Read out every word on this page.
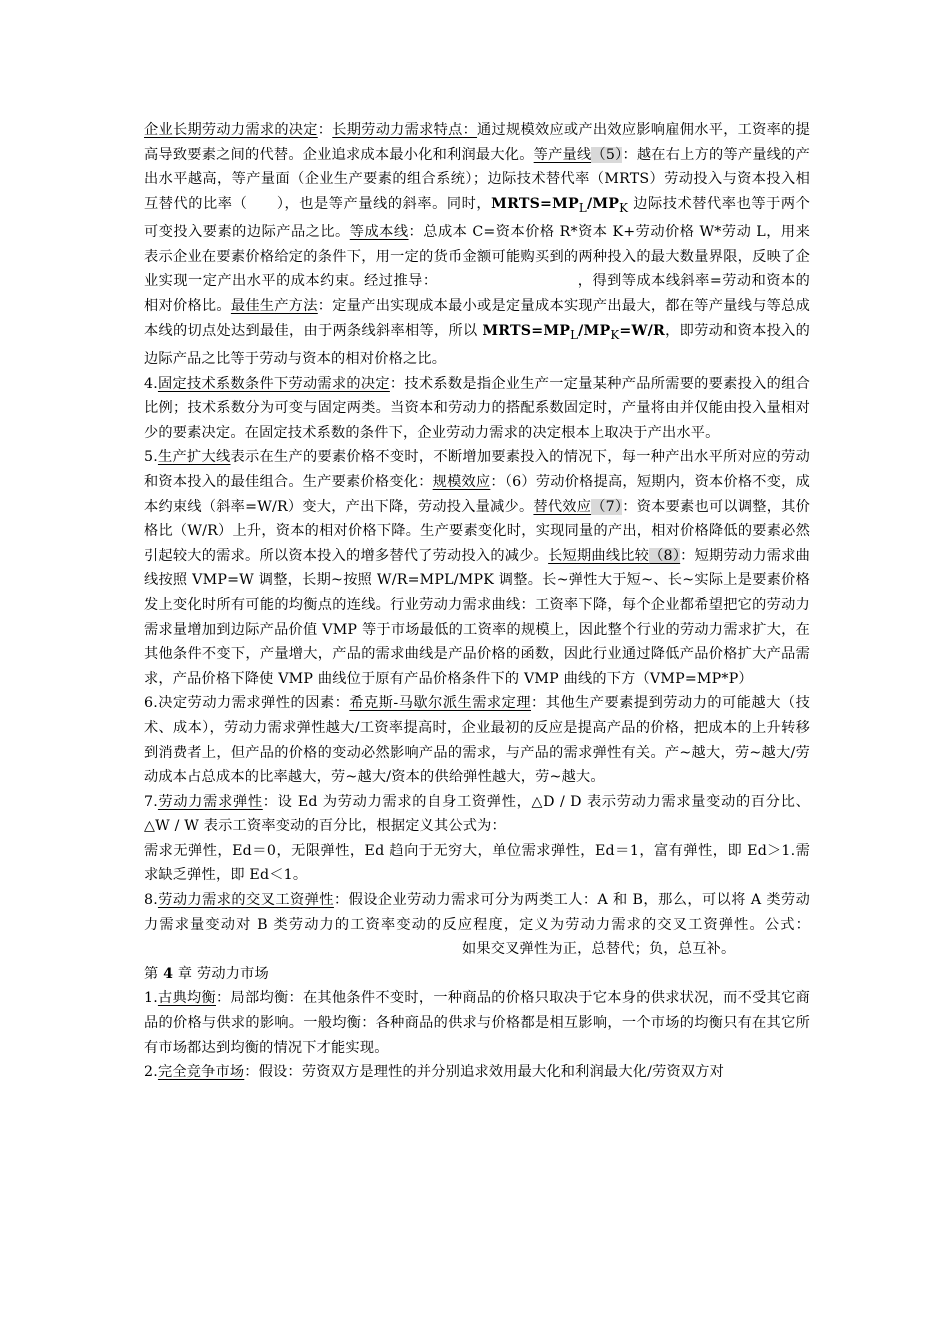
企业长期劳动力需求的决定：长期劳动力需求特点：通过规模效应或产出效应影响雇佣水平，工资率的提高导致要素之间的代替。企业追求成本最小化和利润最大化。等产量线（5）：越在右上方的等产量线的产出水平越高，等产量面（企业生产要素的组合系统）；边际技术替代率（MRTS）劳动投入与资本投入相互替代的比率（　　），也是等产量线的斜率。同时，$MRTS=MP_L/MP_K$ 边际技术替代率也等于两个可变投入要素的边际产品之比。等成本线：总成本 C=资本价格 R*资本 K+劳动价格 W*劳动 L，用来表示企业在要素价格给定的条件下，用一定的货币金额可能购买到的两种投入的最大数量界限，反映了企业实现一定产出水平的成本约束。经过推导：	，得到等成本线斜率=劳动和资本的相对价格比。最佳生产方法：定量产出实现成本最小或是定量成本实现产出最大，都在等产量线与等总成本线的切点处达到最佳，由于两条线斜率相等，所以 $MRTS=MP_L/MP_K=W/R$，即劳动和资本投入的边际产品之比等于劳动与资本的相对价格之比。

4.固定技术系数条件下劳动需求的决定：技术系数是指企业生产一定量某种产品所需要的要素投入的组合比例；技术系数分为可变与固定两类。当资本和劳动力的搭配系数固定时，产量将由并仅能由投入量相对少的要素决定。在固定技术系数的条件下，企业劳动力需求的决定根本上取决于产出水平。

5.生产扩大线表示在生产的要素价格不变时，不断增加要素投入的情况下，每一种产出水平所对应的劳动和资本投入的最佳组合。生产要素价格变化：规模效应：（6）劳动价格提高，短期内，资本价格不变，成本约束线（斜率=W/R）变大，产出下降，劳动投入量减少。替代效应（7）：资本要素也可以调整，其价格比（W/R）上升，资本的相对价格下降。生产要素变化时，实现同量的产出，相对价格降低的要素必然引起较大的需求。所以资本投入的增多替代了劳动投入的减少。长短期曲线比较（8）：短期劳动力需求曲线按照 VMP=W 调整，长期~按照 W/R=MPL/MPK 调整。长~弹性大于短~、长~实际上是要素价格发上变化时所有可能的均衡点的连线。行业劳动力需求曲线：工资率下降，每个企业都希望把它的劳动力需求量增加到边际产品价值 VMP 等于市场最低的工资率的规模上，因此整个行业的劳动力需求扩大，在其他条件不变下，产量增大，产品的需求曲线是产品价格的函数，因此行业通过降低产品价格扩大产品需求，产品价格下降使 VMP 曲线位于原有产品价格条件下的 VMP 曲线的下方（VMP=MP*P）

6.决定劳动力需求弹性的因素：希克斯-马歇尔派生需求定理：其他生产要素提到劳动力的可能越大（技术、成本），劳动力需求弹性越大/工资率提高时，企业最初的反应是提高产品的价格，把成本的上升转移到消费者上，但产品的价格的变动必然影响产品的需求，与产品的需求弹性有关。产~越大，劳~越大/劳动成本占总成本的比率越大，劳~越大/资本的供给弹性越大，劳~越大。

7.劳动力需求弹性：设 Ed 为劳动力需求的自身工资弹性，△D / D 表示劳动力需求量变动的百分比、△W / W 表示工资率变动的百分比，根据定义其公式为：

需求无弹性，Ed＝0，无限弹性，Ed 趋向于无穷大，单位需求弹性，Ed＝1，富有弹性，即 Ed＞1.需求缺乏弹性，即 Ed＜1。

8.劳动力需求的交叉工资弹性：假设企业劳动力需求可分为两类工人：A 和 B，那么，可以将 A 类劳动力需求量变动对 B 类劳动力的工资率变动的反应程度，定义为劳动力需求的交叉工资弹性。公式：如果交叉弹性为正，总替代；负，总互补。

第 4 章 劳动力市场

1.古典均衡：局部均衡：在其他条件不变时，一种商品的价格只取决于它本身的供求状况，而不受其它商品的价格与供求的影响。一般均衡：各种商品的供求与价格都是相互影响，一个市场的均衡只有在其它所有市场都达到均衡的情况下才能实现。

2.完全竞争市场：假设：劳资双方是理性的并分别追求效用最大化和利润最大化/劳资双方对
